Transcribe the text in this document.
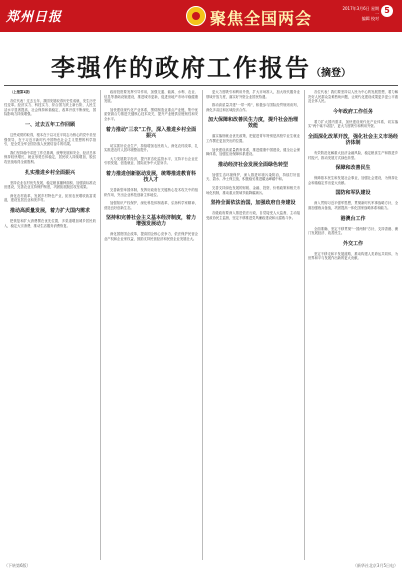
郑州日报	聚焦全国两会
2017年3月6日 星期一
编辑 校对
5
李强作的政府工作报告（摘登）

（上接第1版）

各位代表！过去五年，我国发展取得历史性成就、发生历史性变革。经济实力、科技实力、综合国力跃上新台阶，人民生活水平显著提高，社会保持和谐稳定，改革开放不断深化，国际影响力持续增强。

一、过去五年工作回顾

这些成绩的取得，根本在于以习近平同志为核心的党中央坚强领导，在于习近平新时代中国特色社会主义思想的科学指引，是全党全军全国各族人民团结奋斗的结果。

我们坚持稳中求进工作总基调，统筹发展和安全，经济总体保持较快增长，就业形势总体稳定，居民收入持续增加，脱贫攻坚战取得全面胜利。

扎实推进乡村全面振兴

坚持农业农村优先发展，稳定粮食播种面积，加强高标准农田建设，完善农业支持保护制度，巩固拓展脱贫攻坚成果。

深化农村改革，发展乡村特色产业，拓宽农民增收致富渠道，建设宜居宜业和美乡村。

推动高质量发展，着力扩大国内需求

把恢复和扩大消费摆在优先位置，多渠道增加城乡居民收入，稳定大宗消费，推动生活服务消费恢复。

政府投资要发挥引导作用，加强交通、能源、水利、农业、信息等基础设施建设，推进城市更新，促进房地产市场平稳健康发展。

加快建设现代化产业体系，围绕制造业重点产业链，集中优质资源合力推进关键核心技术攻关，提升产业链供应链韧性和安全水平。

着力推动"三农"工作，深入推进乡村全面振兴

切实抓好农业生产，持续增加农民收入，深化农村改革，扎实推进农村人居环境整治提升。

大力发展数字经济，提升常态化监管水平，支持平台企业在引领发展、创造就业、国际竞争中大显身手。

着力推进创新驱动发展，统筹推进教育科技人才

完善新型举国体制，发挥好政府在关键核心技术攻关中的组织作用，突出企业科技创新主体地位。

加强知识产权保护，深化科技体制改革，弘扬科学家精神，营造良好创新生态。

坚持和完善社会主义基本经济制度，着力增强发展动力

深化国资国企改革，提高国企核心竞争力，依法保护民营企业产权和企业家权益，鼓励支持民营经济和民营企业发展壮大。

更大力度吸引和利用外资，扩大市场准入，加大现代服务业领域开放力度，落实好外资企业国民待遇。

推动高质量共建"一带一路"，积极参与国际经贸规则谈判，深化多双边和区域经济合作。

加大保障和改善民生力度，提升社会治理效能

落实落细就业优先政策，把促进青年特别是高校毕业生就业工作摆在更加突出的位置。

加快建设高质量教育体系，推进健康中国建设，健全社会保障体系，加强住房保障体系建设。

推动经济社会发展全面绿色转型

加强生态环境保护，深入推进环境污染防治，持续打好蓝天、碧水、净土保卫战，积极稳妥推进碳达峰碳中和。

完善支持绿色发展的财税、金融、投资、价格政策和相关市场化机制，推动重点领域节能降碳减污。

坚持全面依法治国，加强政府自身建设

各级政府要深入推进依法行政，自觉接受人大监督，主动接受政协民主监督，坚定不移推进党风廉政建设和反腐败斗争。

各位代表！我们要坚持以人民为中心的发展思想，着力解决好人民群众急难愁盼问题，让现代化建设成果更多更公平惠及全体人民。

今年政府工作任务

着力扩大国内需求，加快建设现代化产业体系，切实落实"两个毫不动摇"，更大力度吸引和利用外资。

全面深化改革开放，强化社会主义市场经济体制

有效防范化解重大经济金融风险，稳定粮食生产和推进乡村振兴，推动发展方式绿色转型。

保障和改善民生

保障基本民生和发展社会事业，加强社会建设，为保持社会和谐稳定作出更大贡献。

国防和军队建设

深入贯彻习近平强军思想，贯彻新时代军事战略方针，全面加强练兵备战，巩固提高一体化国家战略体系和能力。

港澳台工作

全面准确、坚定不移贯彻"一国两制"方针，支持香港、澳门发展经济、改善民生。

外交工作

坚定不移走和平发展道路，推动构建人类命运共同体，为世界和平与发展作出新的更大贡献。

（下转第6版）	（新华社北京3月5日电）
